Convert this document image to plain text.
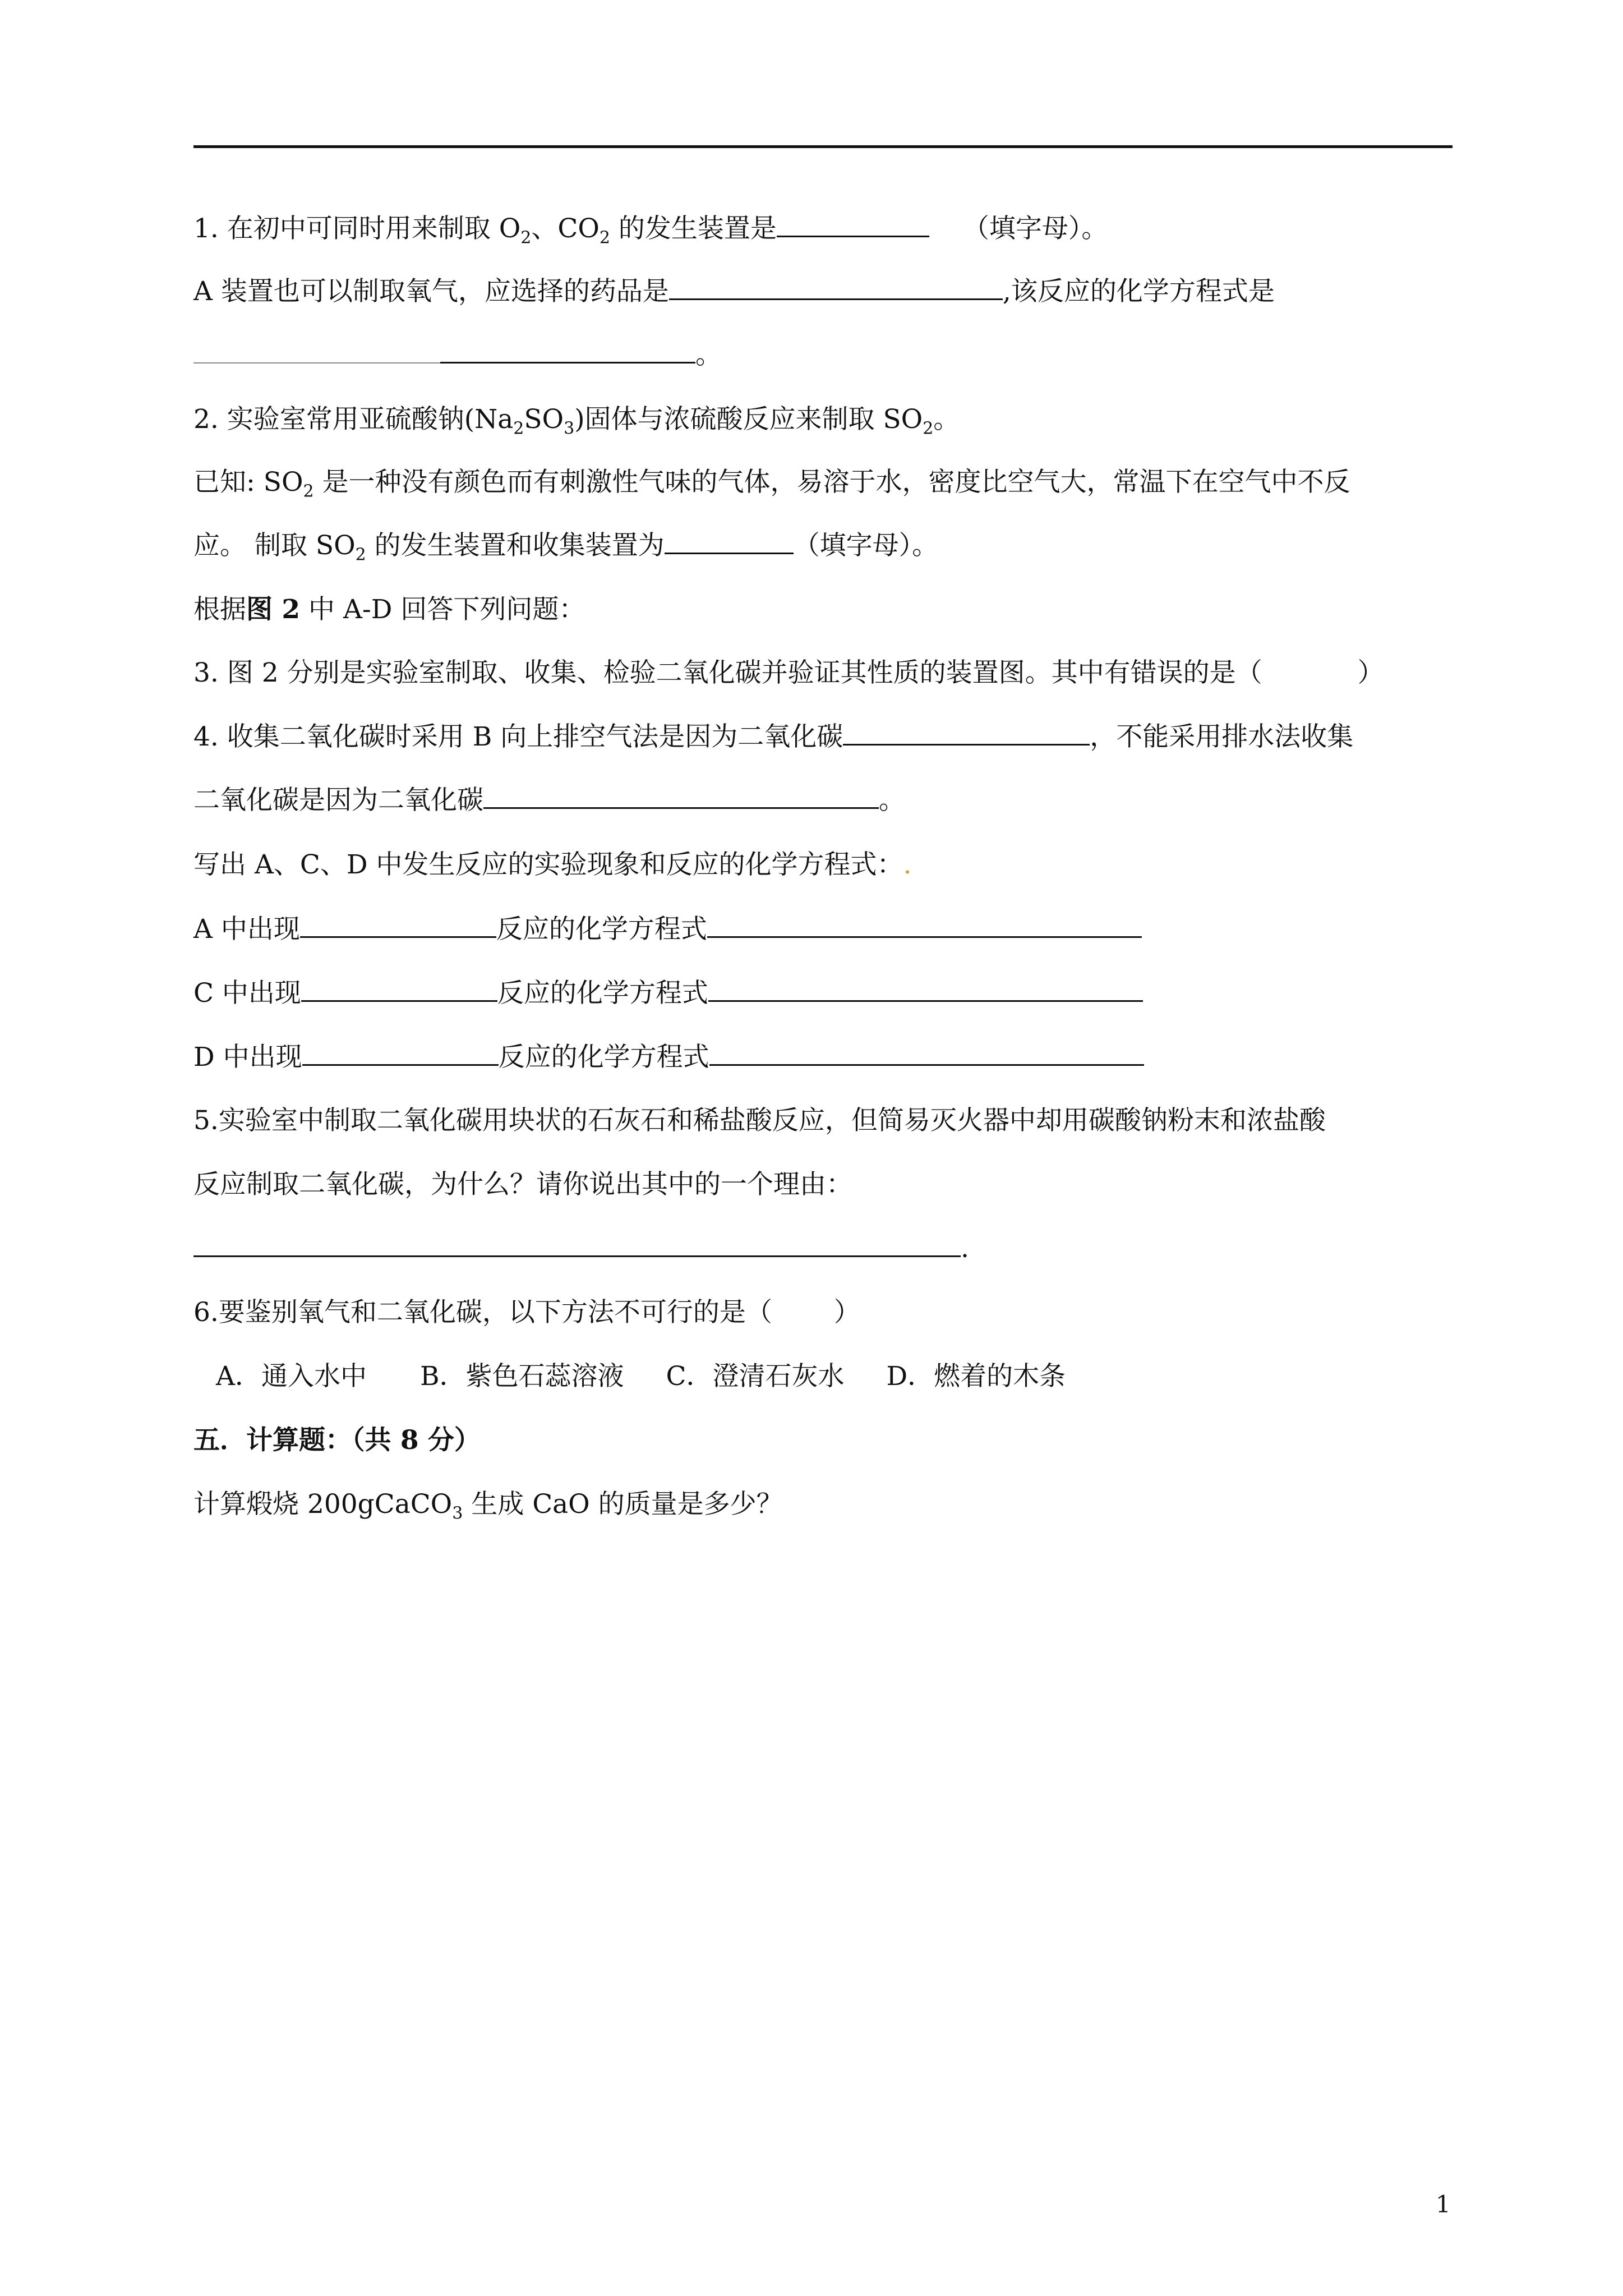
1. 在初中可同时用来制取 $O_2$、$CO_2$ 的发生装置是	（填字母）。
A 装置也可以制取氧气，应选择的药品是	,该反应的化学方程式是
。
2. 实验室常用亚硫酸钠$(Na_2SO_3)$固体与浓硫酸反应来制取 $SO_2$。
已知: $SO_2$ 是一种没有颜色而有刺激性气味的气体，易溶于水，密度比空气大，常温下在空气中不反
应。 制取 $SO_2$ 的发生装置和收集装置为	（填字母）。
根据图 2 中 A-D 回答下列问题：
3. 图 2 分别是实验室制取、收集、检验二氧化碳并验证其性质的装置图。其中有错误的是（	）
4. 收集二氧化碳时采用 B 向上排空气法是因为二氧化碳	，不能采用排水法收集
二氧化碳是因为二氧化碳	。
写出 A、C、D 中发生反应的实验现象和反应的化学方程式：.
A 中出现	反应的化学方程式
C 中出现	反应的化学方程式
D 中出现	反应的化学方程式
5.实验室中制取二氧化碳用块状的石灰石和稀盐酸反应，但简易灭火器中却用碳酸钠粉末和浓盐酸
反应制取二氧化碳，为什么？请你说出其中的一个理由：
.
6.要鉴别氧气和二氧化碳，以下方法不可行的是（ ）
A．通入水中 B．紫色石蕊溶液 C．澄清石灰水 D．燃着的木条
五．计算题：（共 8 分）
计算煅烧 200gCaCO$_3$ 生成 CaO 的质量是多少？
1
